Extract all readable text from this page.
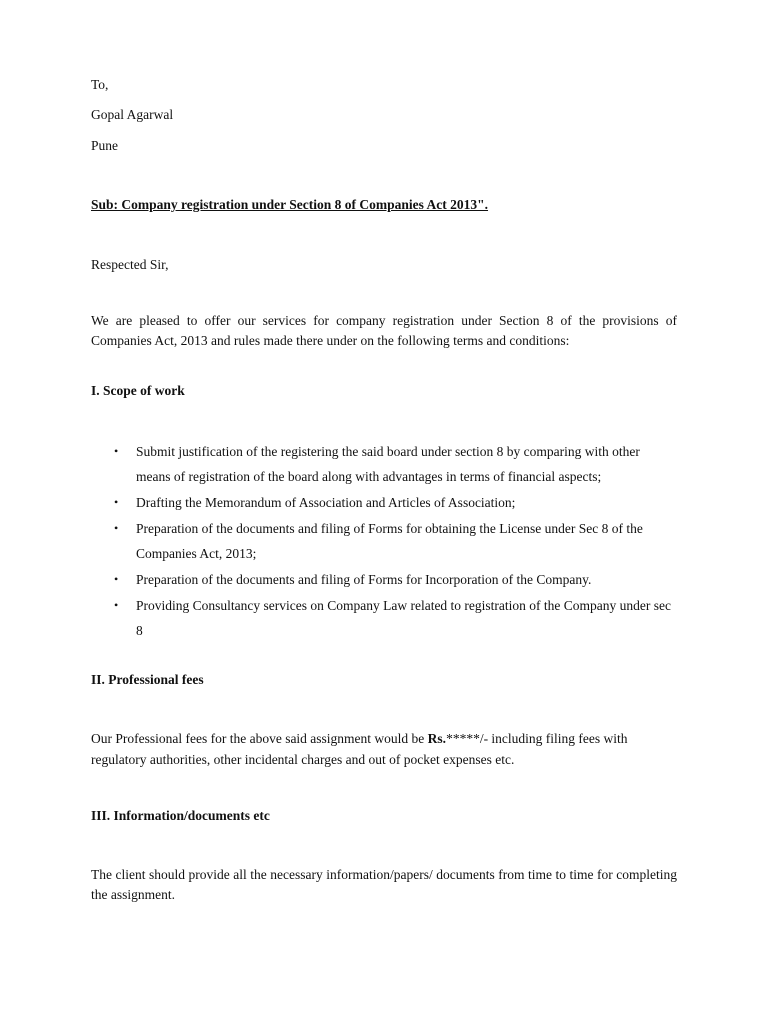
To,
Gopal Agarwal
Pune
Sub: Company registration under Section 8 of Companies Act 2013".
Respected Sir,
We are pleased to offer our services for company registration under Section 8 of the provisions of Companies Act, 2013 and rules made there under on the following terms and conditions:
I. Scope of work
• Submit justification of the registering the said board under section 8 by comparing with other means of registration of the board along with advantages in terms of financial aspects;
• Drafting the Memorandum of Association and Articles of Association;
• Preparation of the documents and filing of Forms for obtaining the License under Sec 8 of the Companies Act, 2013;
• Preparation of the documents and filing of Forms for Incorporation of the Company.
• Providing Consultancy services on Company Law related to registration of the Company under sec 8
II. Professional fees
Our Professional fees for the above said assignment would be Rs.*****/- including filing fees with regulatory authorities, other incidental charges and out of pocket expenses etc.
III. Information/documents etc
The client should provide all the necessary information/papers/ documents from time to time for completing the assignment.
